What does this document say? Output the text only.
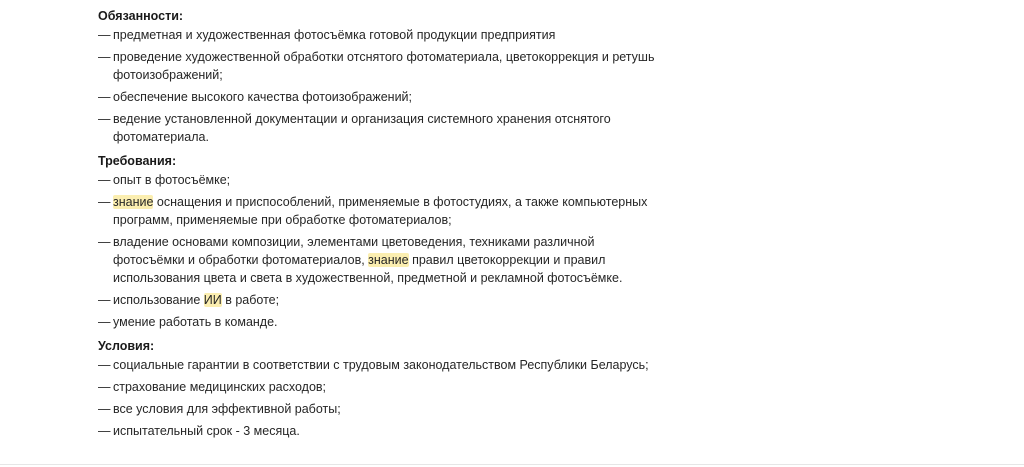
Обязанности:
— предметная и художественная фотосъёмка готовой продукции предприятия
— проведение художественной обработки отснятого фотоматериала, цветокоррекция и ретушь фотоизображений;
— обеспечение высокого качества фотоизображений;
— ведение установленной документации и организация системного хранения отснятого фотоматериала.
Требования:
— опыт в фотосъёмке;
— знание оснащения и приспособлений, применяемые в фотостудиях, а также компьютерных программ, применяемые при обработке фотоматериалов;
— владение основами композиции, элементами цветоведения, техниками различной фотосъёмки и обработки фотоматериалов, знание правил цветокоррекции и правил использования цвета и света в художественной, предметной и рекламной фотосъёмке.
— использование ИИ в работе;
— умение работать в команде.
Условия:
— социальные гарантии в соответствии с трудовым законодательством Республики Беларусь;
— страхование медицинских расходов;
— все условия для эффективной работы;
— испытательный срок - 3 месяца.
